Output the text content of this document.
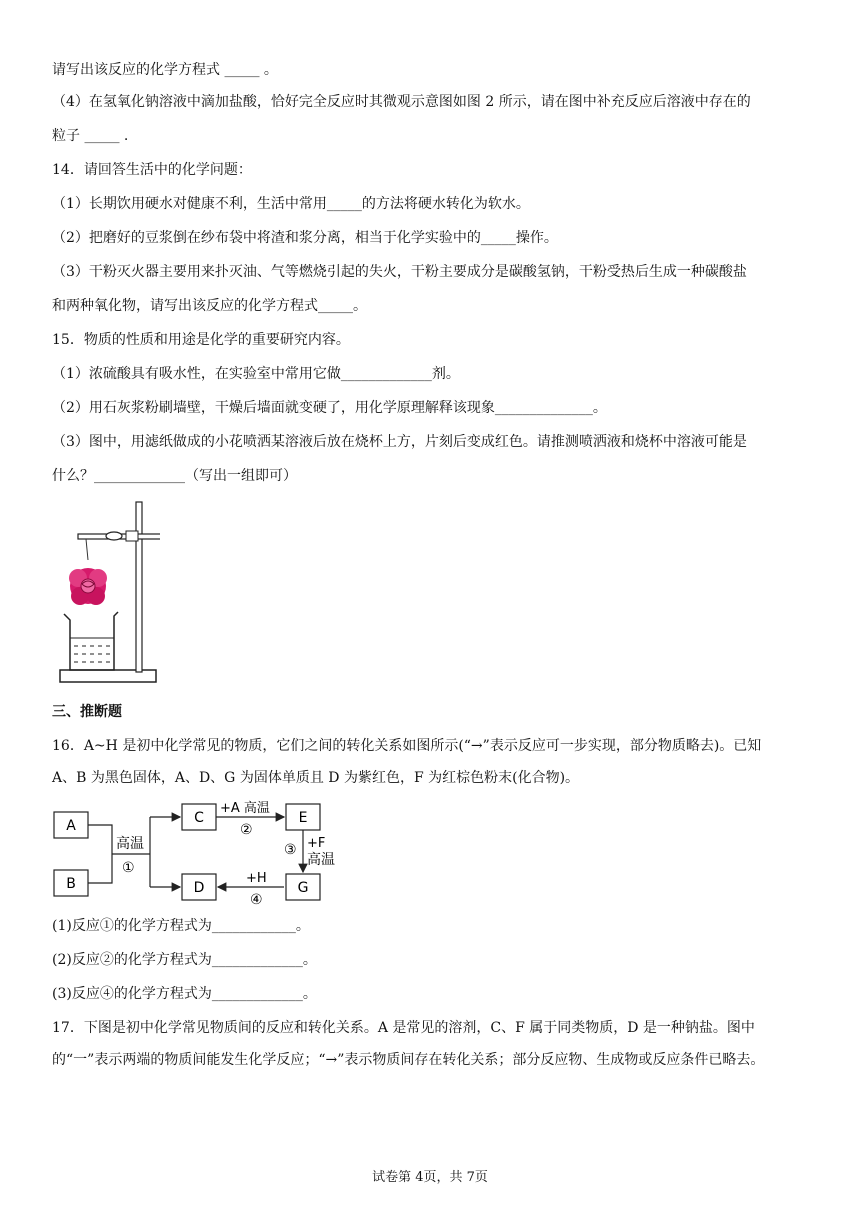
请写出该反应的化学方程式 _____ 。
（4）在氢氧化钠溶液中滴加盐酸，恰好完全反应时其微观示意图如图 2 所示，请在图中补充反应后溶液中存在的
粒子 _____ .
14．请回答生活中的化学问题：
（1）长期饮用硬水对健康不利，生活中常用_____的方法将硬水转化为软水。
（2）把磨好的豆浆倒在纱布袋中将渣和浆分离，相当于化学实验中的_____操作。
（3）干粉灭火器主要用来扑灭油、气等燃烧引起的失火，干粉主要成分是碳酸氢钠，干粉受热后生成一种碳酸盐
和两种氧化物，请写出该反应的化学方程式_____。
15．物质的性质和用途是化学的重要研究内容。
（1）浓硫酸具有吸水性，在实验室中常用它做_____________剂。
（2）用石灰浆粉刷墙壁，干燥后墙面就变硬了，用化学原理解释该现象______________。
（3）图中，用滤纸做成的小花喷洒某溶液后放在烧杯上方，片刻后变成红色。请推测喷洒液和烧杯中溶液可能是
什么？_____________（写出一组即可）
三、推断题
16．A~H 是初中化学常见的物质，它们之间的转化关系如图所示(“→”表示反应可一步实现，部分物质略去)。已知
A、B 为黑色固体，A、D、G 为固体单质且 D 为紫红色，F 为红棕色粉末(化合物)。
A
B
C	E
G
D
高温
①
+A 高温
②
③ +F
高温
+H
④
(1)反应①的化学方程式为____________。
(2)反应②的化学方程式为_____________。
(3)反应④的化学方程式为_____________。
17．下图是初中化学常见物质间的反应和转化关系。A 是常见的溶剂，C、F 属于同类物质，D 是一种钠盐。图中
的“一”表示两端的物质间能发生化学反应；“→”表示物质间存在转化关系；部分反应物、生成物或反应条件已略去。
试卷第 4页，共 7页
